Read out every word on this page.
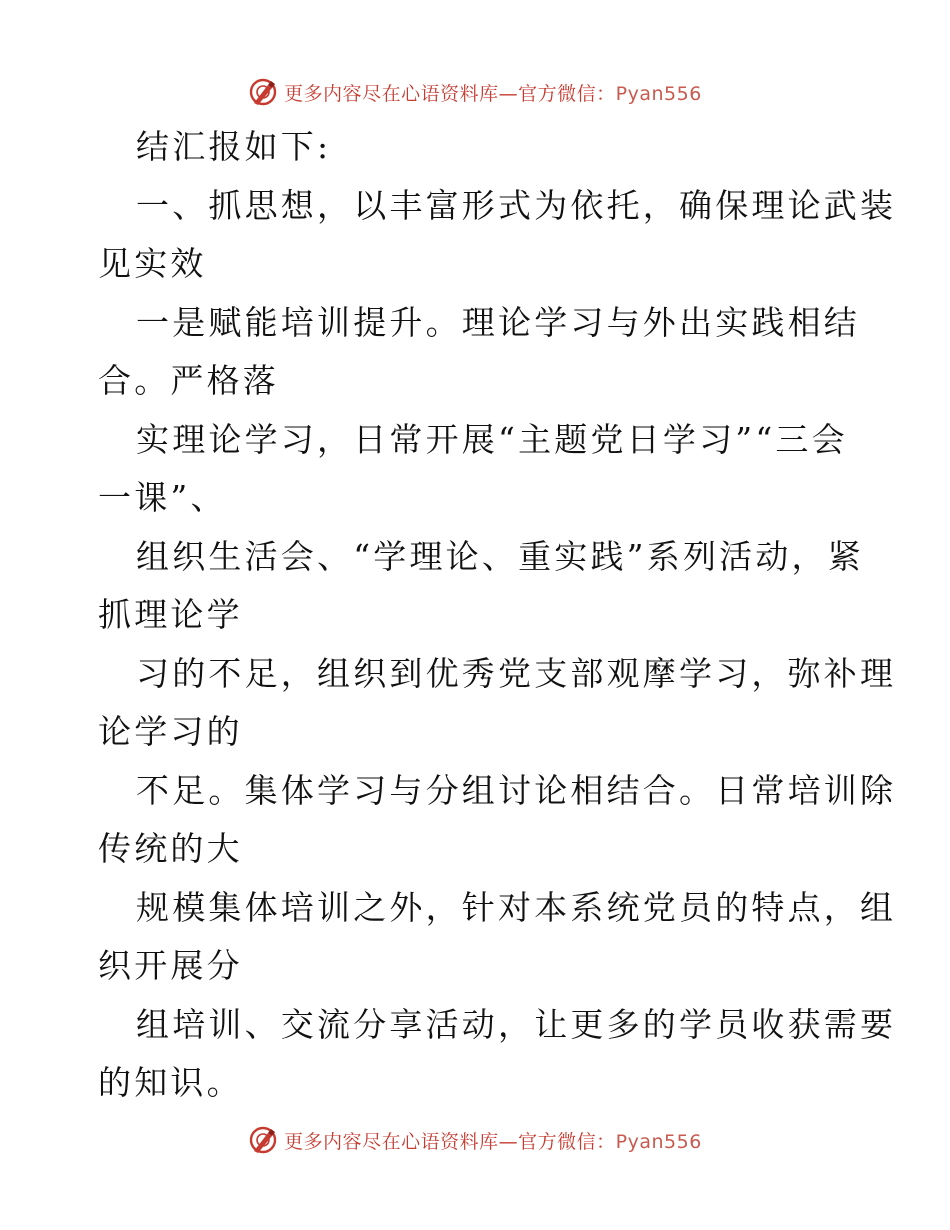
更多内容尽在心语资料库—官方微信：Pyan556
结汇报如下:
一、抓思想，以丰富形式为依托，确保理论武装
见实效
一是赋能培训提升。理论学习与外出实践相结
合。严格落
实理论学习，日常开展“主题党日学习”“三会
一课”、
组织生活会、“学理论、重实践”系列活动，紧
抓理论学
习的不足，组织到优秀党支部观摩学习，弥补理
论学习的
不足。集体学习与分组讨论相结合。日常培训除
传统的大
规模集体培训之外，针对本系统党员的特点，组
织开展分
组培训、交流分享活动，让更多的学员收获需要
的知识。
更多内容尽在心语资料库—官方微信：Pyan556
